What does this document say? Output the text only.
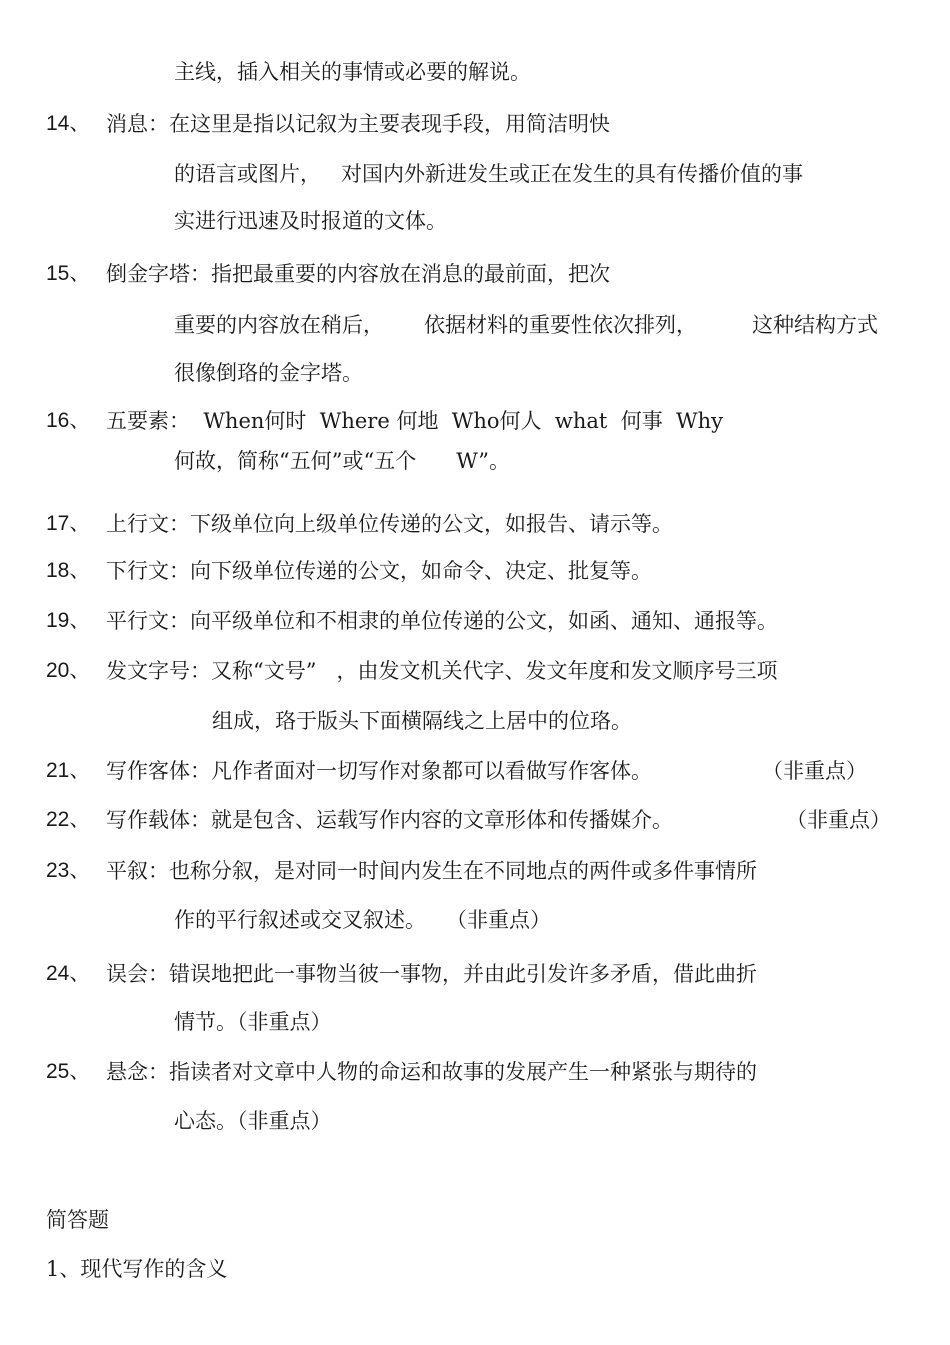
主线，插入相关的事情或必要的解说。
14、 消息：在这里是指以记叙为主要表现手段，用简洁明快
的语言或图片，   对国内外新进发生或正在发生的具有传播价值的事
实进行迅速及时报道的文体。
15、 倒金字塔：指把最重要的内容放在消息的最前面，把次
重要的内容放在稍后， 依据材料的重要性依次排列，	这种结构方式
很像倒珞的金字塔。
16、 五要素：  When何时  Where 何地  Who何人  what  何事  Why
何故，简称“五何”或“五个      W”。
17、 上行文：下级单位向上级单位传递的公文，如报告、请示等。
18、 下行文：向下级单位传递的公文，如命令、决定、批复等。
19、 平行文：向平级单位和不相隶的单位传递的公文，如函、通知、通报等。
20、 发文字号：又称“文号”   ，由发文机关代字、发文年度和发文顺序号三项
组成，珞于版头下面横隔线之上居中的位珞。
21、 写作客体：凡作者面对一切写作对象都可以看做写作客体。	（非重点）
22、 写作载体：就是包含、运载写作内容的文章形体和传播媒介。	（非重点）
23、 平叙：也称分叙，是对同一时间内发生在不同地点的两件或多件事情所
作的平行叙述或交叉叙述。   （非重点）
24、 误会：错误地把此一事物当彼一事物，并由此引发许多矛盾，借此曲折
情节。（非重点）
25、 悬念：指读者对文章中人物的命运和故事的发展产生一种紧张与期待的
心态。（非重点）
简答题
1、现代写作的含义
